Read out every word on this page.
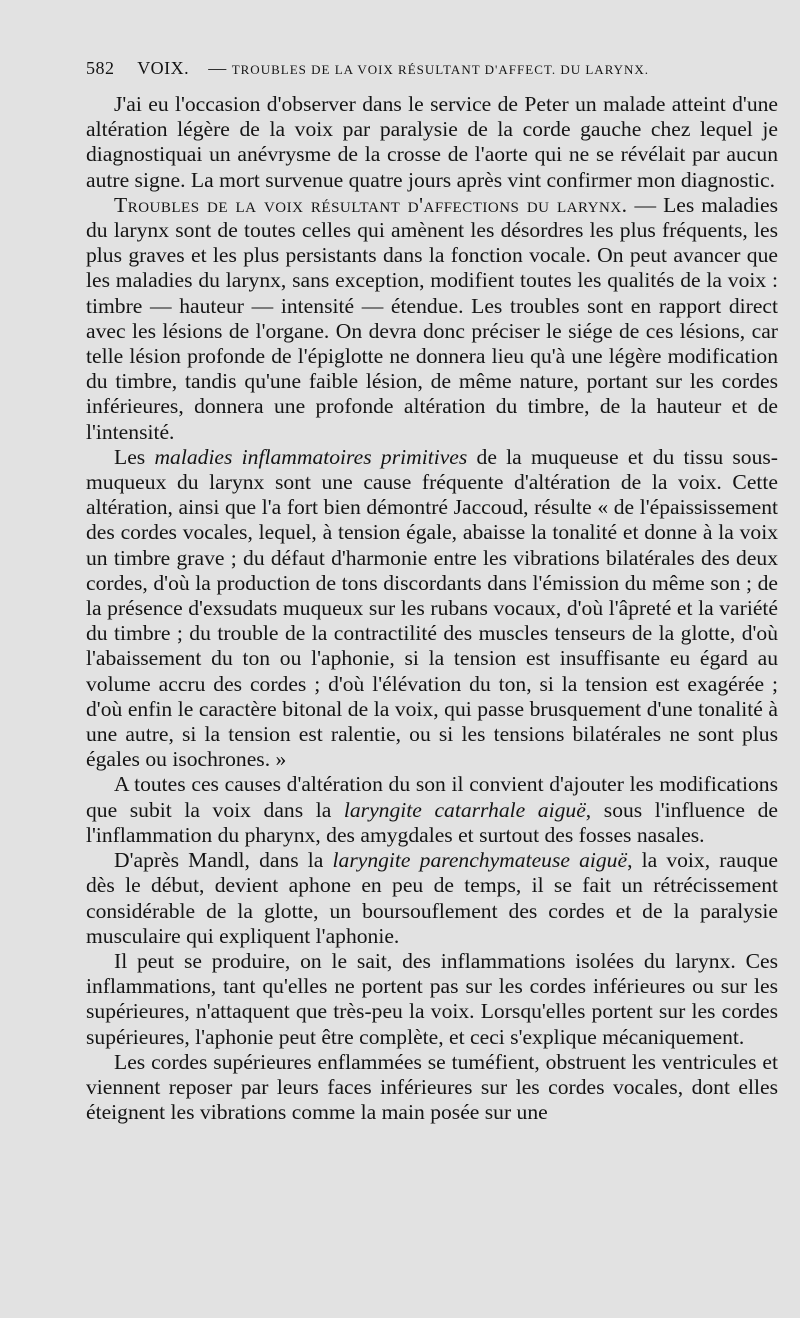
582 VOIX. — TROUBLES DE LA VOIX RÉSULTANT D'AFFECT. DU LARYNX.

J'ai eu l'occasion d'observer dans le service de Peter un malade atteint d'une altération légère de la voix par paralysie de la corde gauche chez lequel je diagnostiquai un anévrysme de la crosse de l'aorte qui ne se révélait par aucun autre signe. La mort survenue quatre jours après vint confirmer mon diagnostic.

Troubles de la voix résultant d'affections du larynx. — Les maladies du larynx sont de toutes celles qui amènent les désordres les plus fréquents, les plus graves et les plus persistants dans la fonction vocale. On peut avancer que les maladies du larynx, sans exception, modifient toutes les qualités de la voix : timbre — hauteur — intensité — étendue. Les troubles sont en rapport direct avec les lésions de l'organe. On devra donc préciser le siége de ces lésions, car telle lésion profonde de l'épiglotte ne donnera lieu qu'à une légère modification du timbre, tandis qu'une faible lésion, de même nature, portant sur les cordes inférieures, donnera une profonde altération du timbre, de la hauteur et de l'intensité.

Les maladies inflammatoires primitives de la muqueuse et du tissu sous-muqueux du larynx sont une cause fréquente d'altération de la voix. Cette altération, ainsi que l'a fort bien démontré Jaccoud, résulte « de l'épaississement des cordes vocales, lequel, à tension égale, abaisse la tonalité et donne à la voix un timbre grave ; du défaut d'harmonie entre les vibrations bilatérales des deux cordes, d'où la production de tons discordants dans l'émission du même son ; de la présence d'exsudats muqueux sur les rubans vocaux, d'où l'âpreté et la variété du timbre ; du trouble de la contractilité des muscles tenseurs de la glotte, d'où l'abaissement du ton ou l'aphonie, si la tension est insuffisante eu égard au volume accru des cordes ; d'où l'élévation du ton, si la tension est exagérée ; d'où enfin le caractère bitonal de la voix, qui passe brusquement d'une tonalité à une autre, si la tension est ralentie, ou si les tensions bilatérales ne sont plus égales ou isochrones. »

A toutes ces causes d'altération du son il convient d'ajouter les modifications que subit la voix dans la laryngite catarrhale aiguë, sous l'influence de l'inflammation du pharynx, des amygdales et surtout des fosses nasales.

D'après Mandl, dans la laryngite parenchymateuse aiguë, la voix, rauque dès le début, devient aphone en peu de temps, il se fait un rétrécissement considérable de la glotte, un boursouflement des cordes et de la paralysie musculaire qui expliquent l'aphonie.

Il peut se produire, on le sait, des inflammations isolées du larynx. Ces inflammations, tant qu'elles ne portent pas sur les cordes inférieures ou sur les supérieures, n'attaquent que très-peu la voix. Lorsqu'elles portent sur les cordes supérieures, l'aphonie peut être complète, et ceci s'explique mécaniquement.

Les cordes supérieures enflammées se tuméfient, obstruent les ventricules et viennent reposer par leurs faces inférieures sur les cordes vocales, dont elles éteignent les vibrations comme la main posée sur une
